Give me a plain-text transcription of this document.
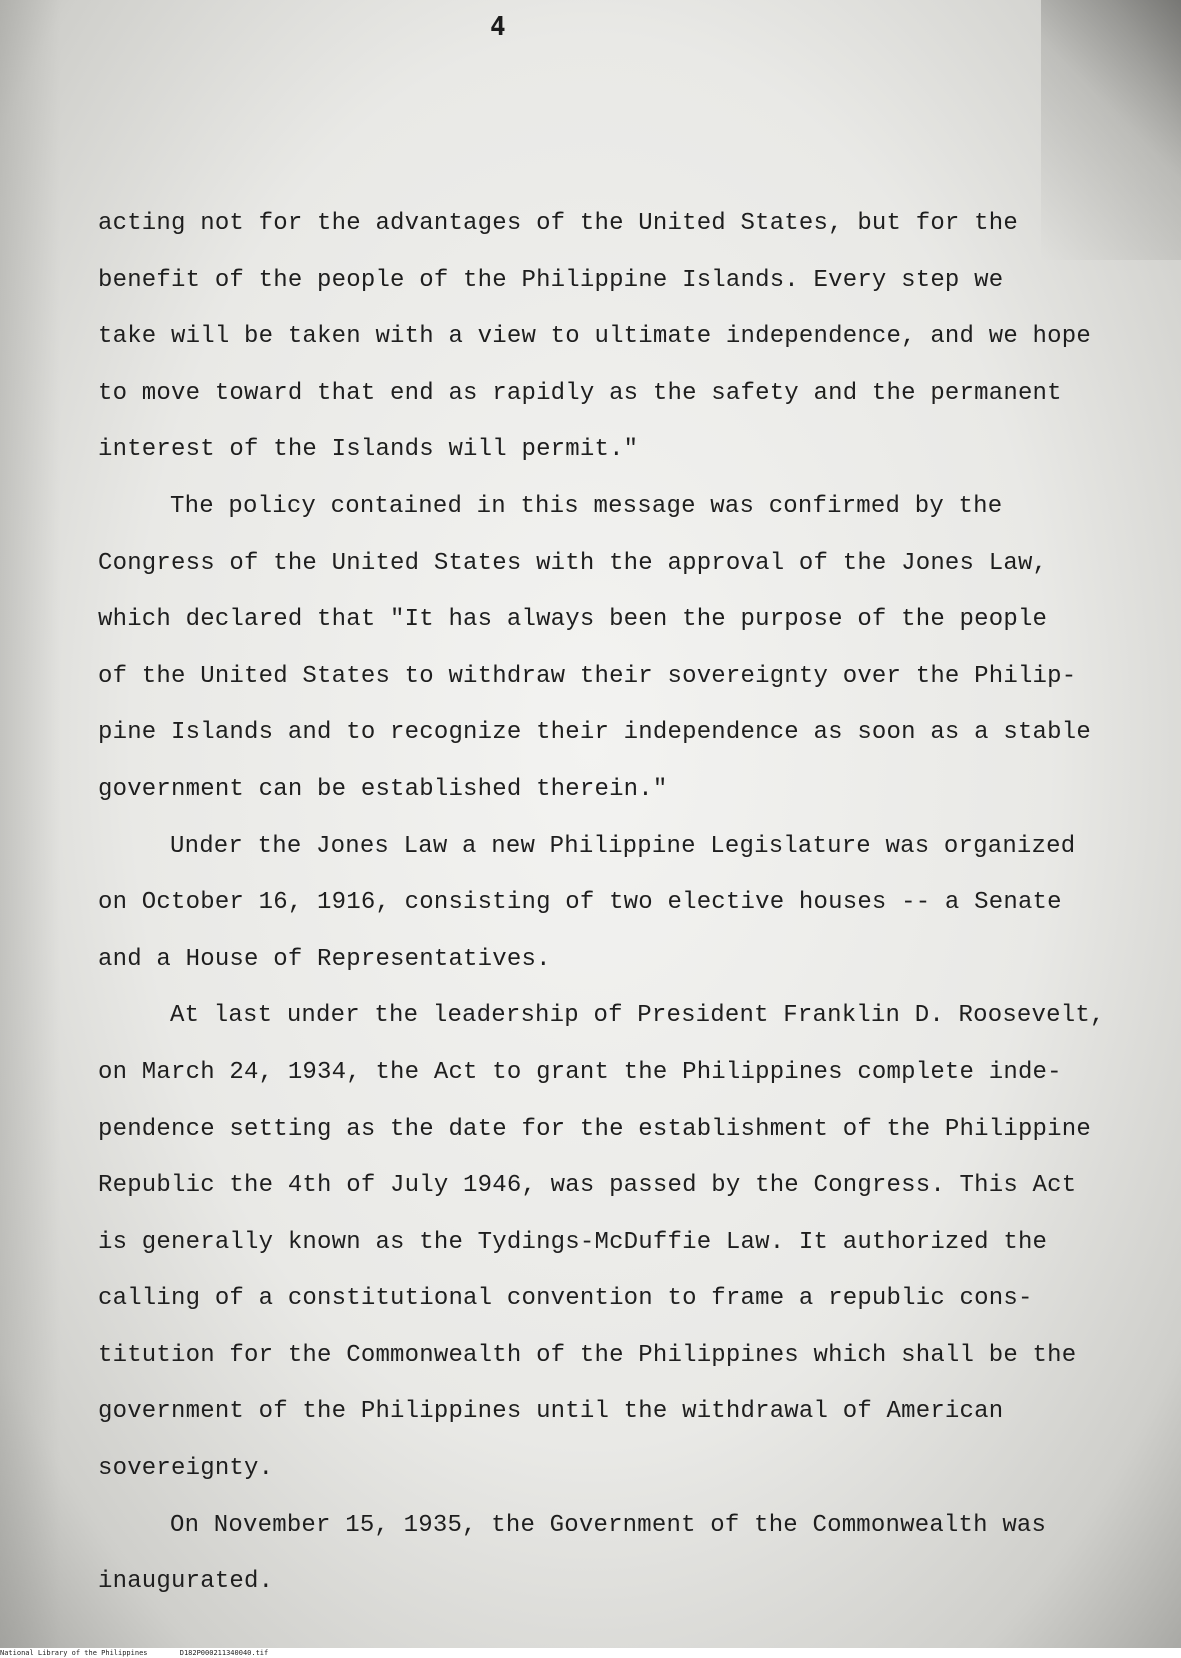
4
acting not for the advantages of the United States, but for the
benefit of the people of the Philippine Islands. Every step we
take will be taken with a view to ultimate independence, and we hope
to move toward that end as rapidly as the safety and the permanent
interest of the Islands will permit."
The policy contained in this message was confirmed by the
Congress of the United States with the approval of the Jones Law,
which declared that "It has always been the purpose of the people
of the United States to withdraw their sovereignty over the Philip-
pine Islands and to recognize their independence as soon as a stable
government can be established therein."
Under the Jones Law a new Philippine Legislature was organized
on October 16, 1916, consisting of two elective houses -- a Senate
and a House of Representatives.
At last under the leadership of President Franklin D. Roosevelt,
on March 24, 1934, the Act to grant the Philippines complete inde-
pendence setting as the date for the establishment of the Philippine
Republic the 4th of July 1946, was passed by the Congress. This Act
is generally known as the Tydings-McDuffie Law. It authorized the
calling of a constitutional convention to frame a republic cons-
titution for the Commonwealth of the Philippines which shall be the
government of the Philippines until the withdrawal of American
sovereignty.
On November 15, 1935, the Government of the Commonwealth was
inaugurated.
National Library of the Philippines	D182P000211340040.tif
